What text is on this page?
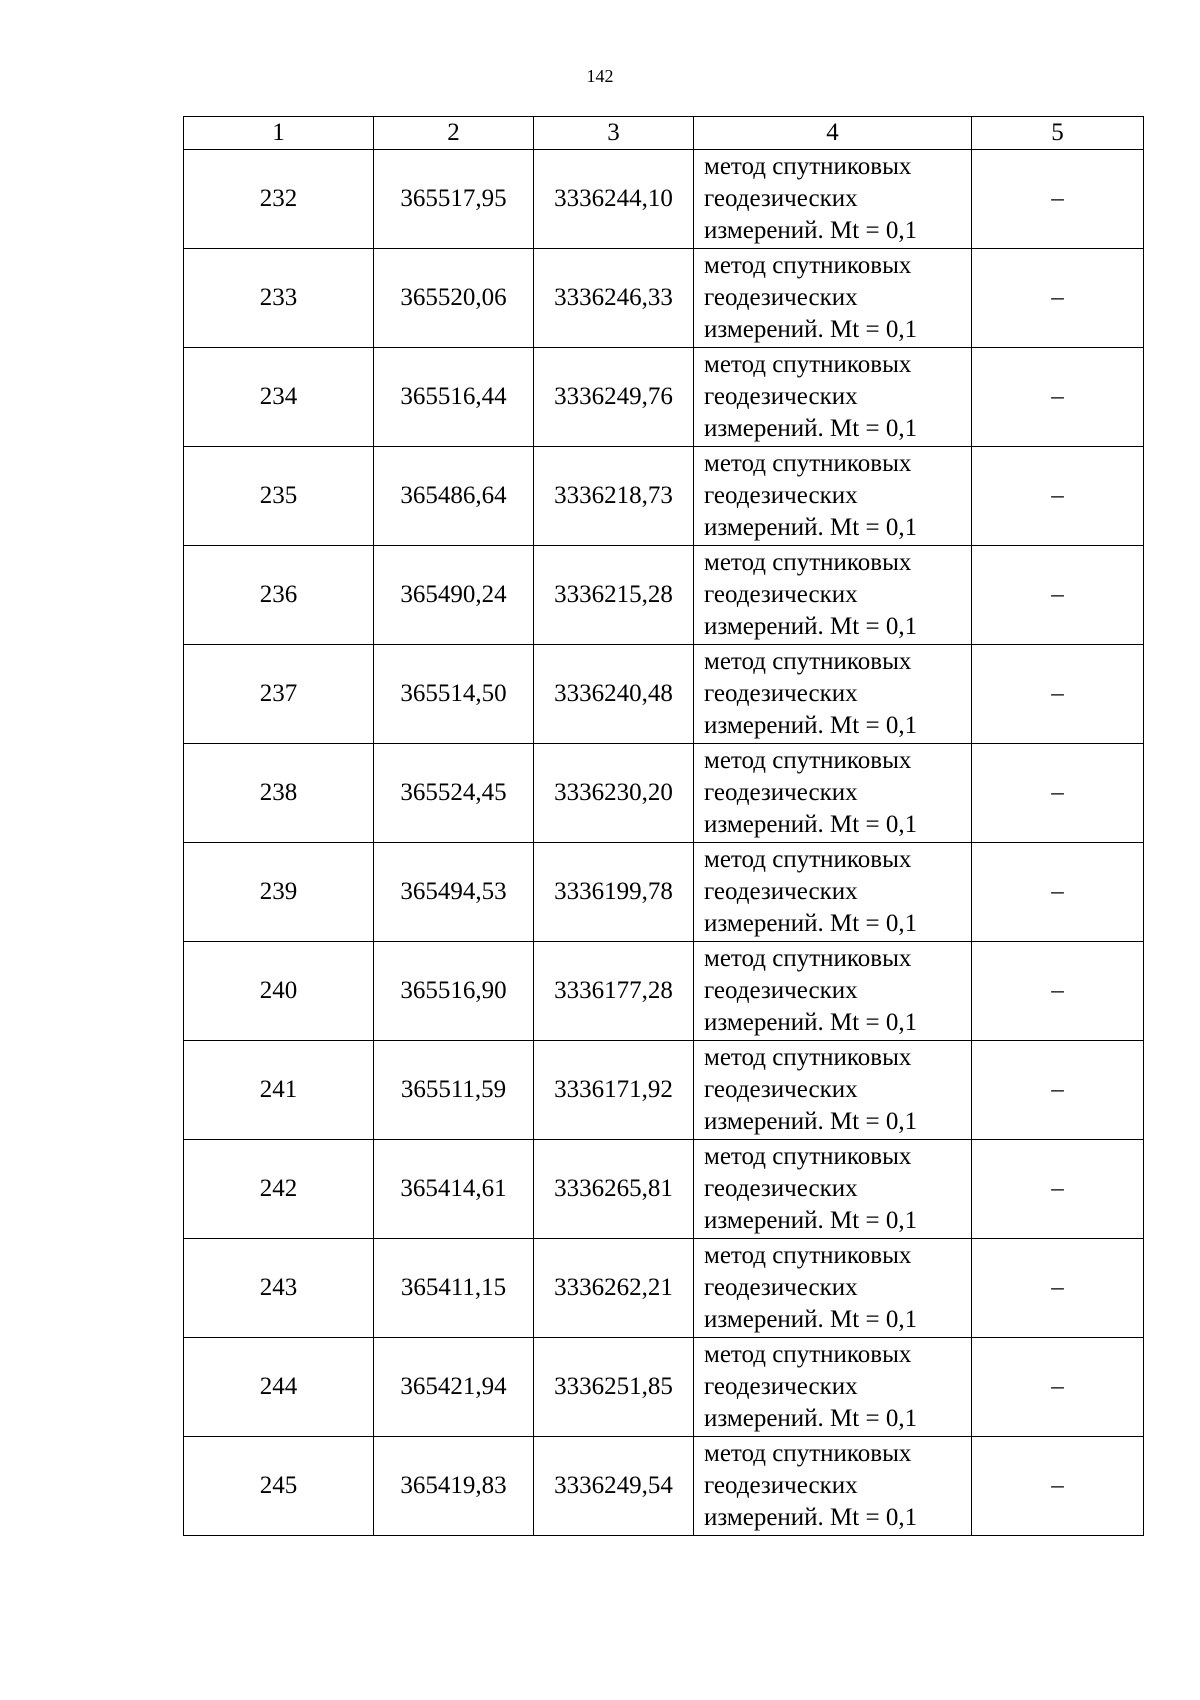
142
1	2	3	4	5
232	365517,95	3336244,10	метод спутниковых
геодезических
измерений. Mt = 0,1	–
233	365520,06	3336246,33	метод спутниковых
геодезических
измерений. Mt = 0,1	–
234	365516,44	3336249,76	метод спутниковых
геодезических
измерений. Mt = 0,1	–
235	365486,64	3336218,73	метод спутниковых
геодезических
измерений. Mt = 0,1	–
236	365490,24	3336215,28	метод спутниковых
геодезических
измерений. Mt = 0,1	–
237	365514,50	3336240,48	метод спутниковых
геодезических
измерений. Mt = 0,1	–
238	365524,45	3336230,20	метод спутниковых
геодезических
измерений. Mt = 0,1	–
239	365494,53	3336199,78	метод спутниковых
геодезических
измерений. Mt = 0,1	–
240	365516,90	3336177,28	метод спутниковых
геодезических
измерений. Mt = 0,1	–
241	365511,59	3336171,92	метод спутниковых
геодезических
измерений. Mt = 0,1	–
242	365414,61	3336265,81	метод спутниковых
геодезических
измерений. Mt = 0,1	–
243	365411,15	3336262,21	метод спутниковых
геодезических
измерений. Mt = 0,1	–
244	365421,94	3336251,85	метод спутниковых
геодезических
измерений. Mt = 0,1	–
245	365419,83	3336249,54	метод спутниковых
геодезических
измерений. Mt = 0,1	–
